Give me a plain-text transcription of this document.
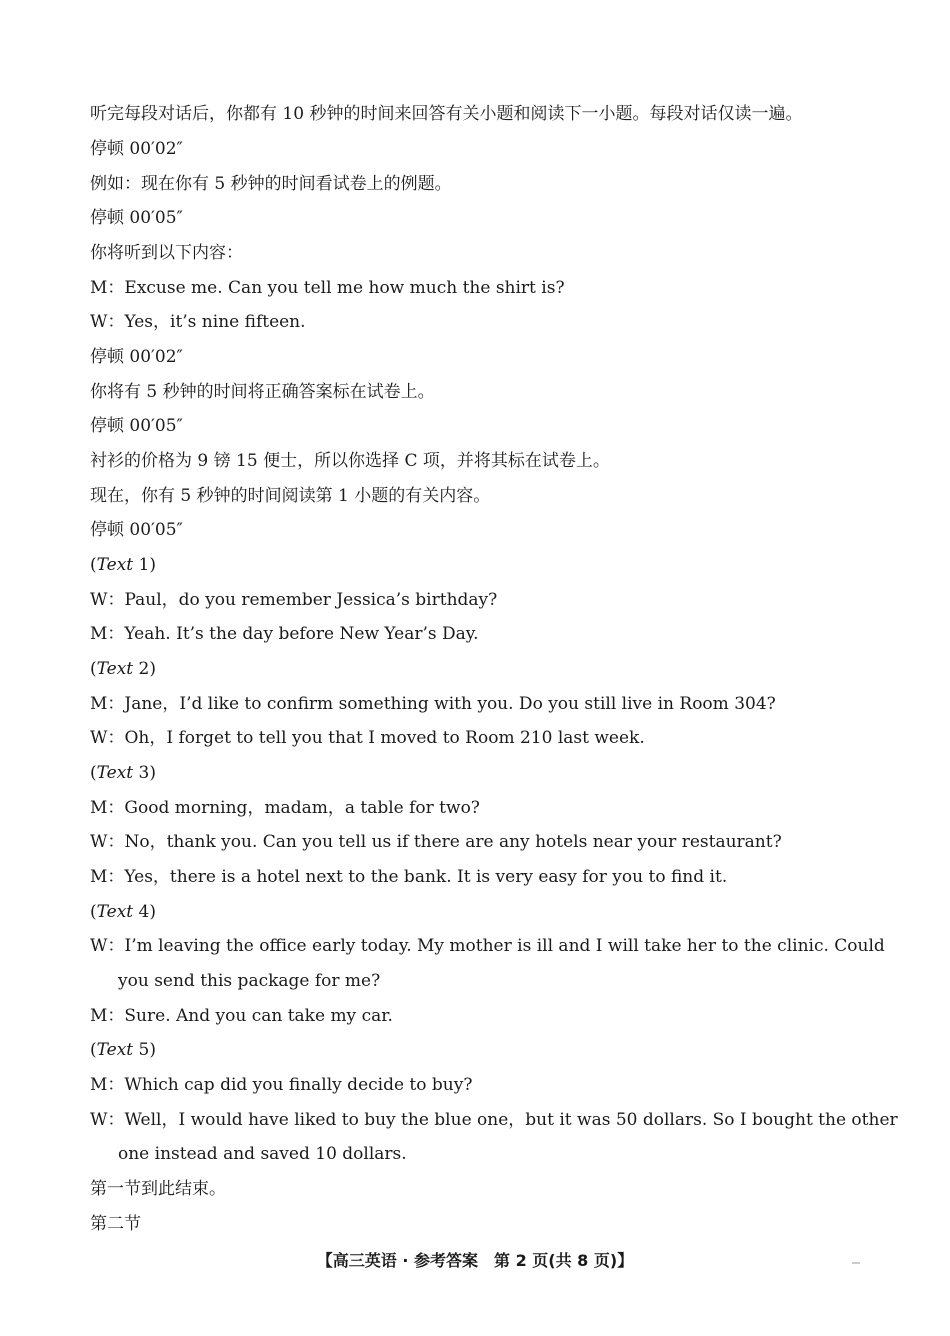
听完每段对话后，你都有 10 秒钟的时间来回答有关小题和阅读下一小题。每段对话仅读一遍。
停顿 00′02″
例如：现在你有 5 秒钟的时间看试卷上的例题。
停顿 00′05″
你将听到以下内容：
M：Excuse me. Can you tell me how much the shirt is?
W：Yes，it’s nine fifteen.
停顿 00′02″
你将有 5 秒钟的时间将正确答案标在试卷上。
停顿 00′05″
衬衫的价格为 9 镑 15 便士，所以你选择 C 项，并将其标在试卷上。
现在，你有 5 秒钟的时间阅读第 1 小题的有关内容。
停顿 00′05″
(Text 1)
W：Paul，do you remember Jessica’s birthday?
M：Yeah. It’s the day before New Year’s Day.
(Text 2)
M：Jane，I’d like to confirm something with you. Do you still live in Room 304?
W：Oh，I forget to tell you that I moved to Room 210 last week.
(Text 3)
M：Good morning，madam，a table for two?
W：No，thank you. Can you tell us if there are any hotels near your restaurant?
M：Yes，there is a hotel next to the bank. It is very easy for you to find it.
(Text 4)
W：I’m leaving the office early today. My mother is ill and I will take her to the clinic. Could
you send this package for me?
M：Sure. And you can take my car.
(Text 5)
M：Which cap did you finally decide to buy?
W：Well，I would have liked to buy the blue one，but it was 50 dollars. So I bought the other
one instead and saved 10 dollars.
第一节到此结束。
第二节
【高三英语 · 参考答案　第 2 页(共 8 页)】
